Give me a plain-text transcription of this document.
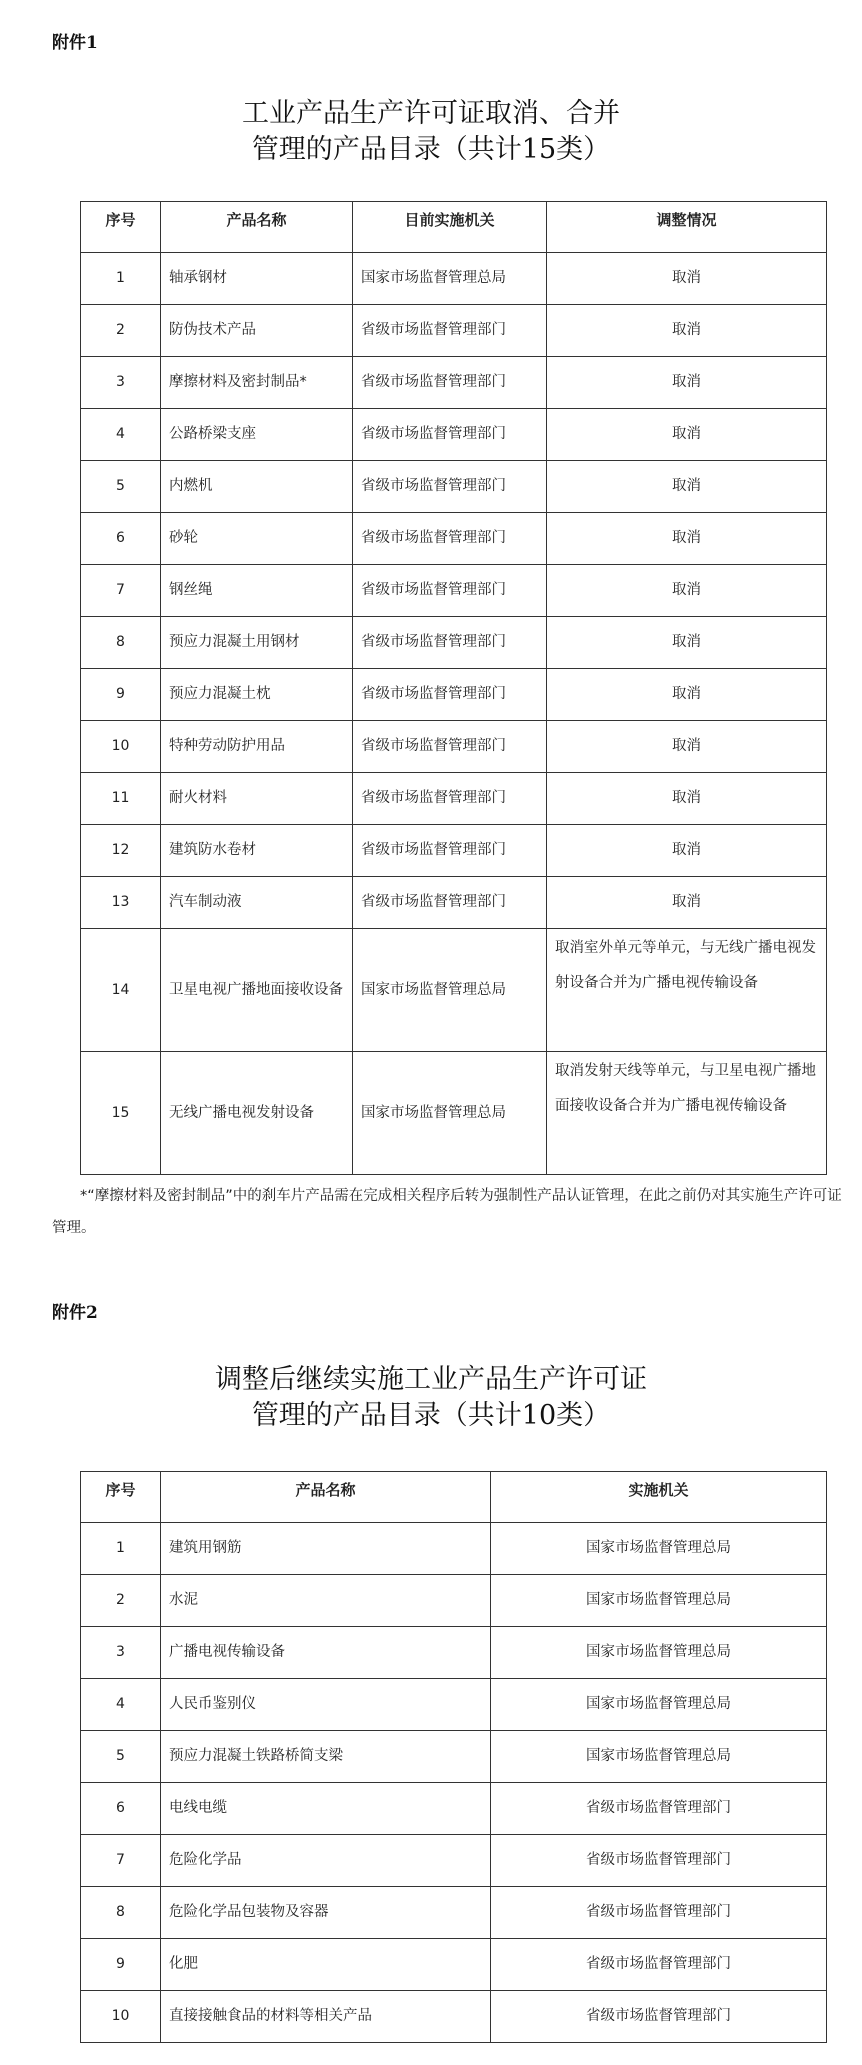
附件1
工业产品生产许可证取消、合并
管理的产品目录（共计15类）
序号	产品名称	目前实施机关	调整情况
1	轴承钢材	国家市场监督管理总局	取消
2	防伪技术产品	省级市场监督管理部门	取消
3	摩擦材料及密封制品*	省级市场监督管理部门	取消
4	公路桥梁支座	省级市场监督管理部门	取消
5	内燃机	省级市场监督管理部门	取消
6	砂轮	省级市场监督管理部门	取消
7	钢丝绳	省级市场监督管理部门	取消
8	预应力混凝土用钢材	省级市场监督管理部门	取消
9	预应力混凝土枕	省级市场监督管理部门	取消
10	特种劳动防护用品	省级市场监督管理部门	取消
11	耐火材料	省级市场监督管理部门	取消
12	建筑防水卷材	省级市场监督管理部门	取消
13	汽车制动液	省级市场监督管理部门	取消
14	卫星电视广播地面接收设备	国家市场监督管理总局	取消室外单元等单元，与无线广播电视发射设备合并为广播电视传输设备
15	无线广播电视发射设备	国家市场监督管理总局	取消发射天线等单元，与卫星电视广播地面接收设备合并为广播电视传输设备
*“摩擦材料及密封制品”中的刹车片产品需在完成相关程序后转为强制性产品认证管理，在此之前仍对其实施生产许可证管理。
附件2
调整后继续实施工业产品生产许可证
管理的产品目录（共计10类）
序号	产品名称	实施机关
1	建筑用钢筋	国家市场监督管理总局
2	水泥	国家市场监督管理总局
3	广播电视传输设备	国家市场监督管理总局
4	人民币鉴别仪	国家市场监督管理总局
5	预应力混凝土铁路桥简支梁	国家市场监督管理总局
6	电线电缆	省级市场监督管理部门
7	危险化学品	省级市场监督管理部门
8	危险化学品包装物及容器	省级市场监督管理部门
9	化肥	省级市场监督管理部门
10	直接接触食品的材料等相关产品	省级市场监督管理部门
